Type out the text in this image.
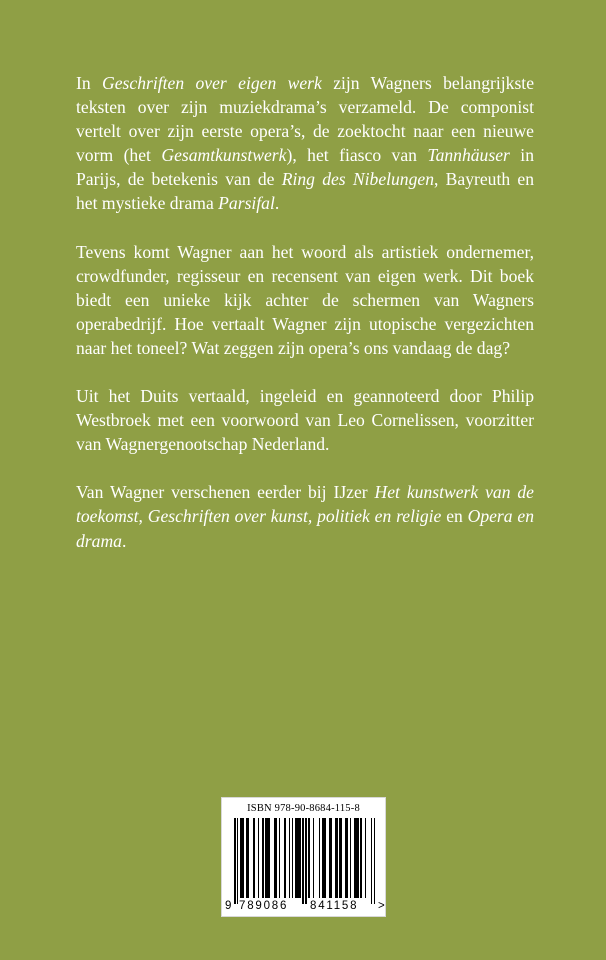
In Geschriften over eigen werk zijn Wagners belangrijkste teksten over zijn muziekdrama’s verzameld. De componist vertelt over zijn eerste opera’s, de zoektocht naar een nieuwe vorm (het Gesamtkunstwerk), het fiasco van Tannhäuser in Parijs, de betekenis van de Ring des Nibelungen, Bayreuth en het mystieke drama Parsifal.

Tevens komt Wagner aan het woord als artistiek ondernemer, crowdfunder, regisseur en recensent van eigen werk. Dit boek biedt een unieke kijk achter de schermen van Wagners operabedrijf. Hoe vertaalt Wagner zijn utopische vergezichten naar het toneel? Wat zeggen zijn opera’s ons vandaag de dag?

Uit het Duits vertaald, ingeleid en geannoteerd door Philip Westbroek met een voorwoord van Leo Cornelissen, voorzitter van Wagnergenootschap Nederland.

Van Wagner verschenen eerder bij IJzer Het kunstwerk van de toekomst, Geschriften over kunst, politiek en religie en Opera en drama.

ISBN 978-90-8684-115-8
9 789086 841158 >
